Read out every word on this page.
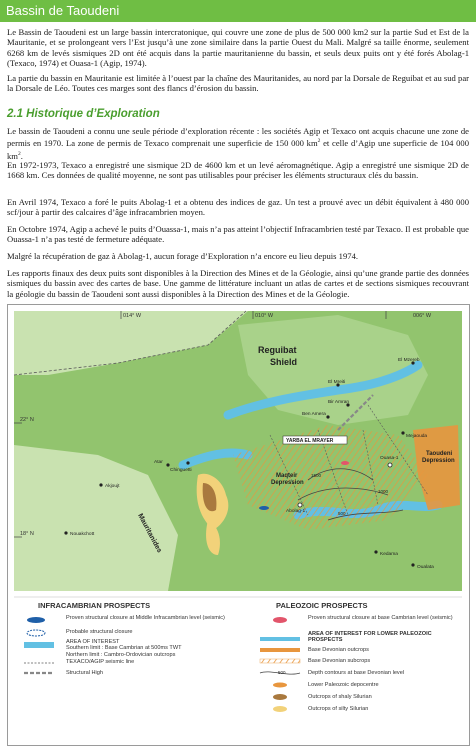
Bassin de Taoudeni
Le Bassin de Taoudeni est un large bassin intercratonique, qui couvre une zone de plus de 500 000 km2 sur la partie Sud et Est de la Mauritanie, et se prolongeant vers l’Est jusqu’à une zone similaire dans la partie Ouest du Mali. Malgré sa taille énorme, seulement 6268 km de levés sismiques 2D ont été acquis dans la partie mauritanienne du bassin, et seuls deux puits ont y été forés Abolag-1 (Texaco, 1974) et Ouasa-1 (Agip, 1974).
La partie du bassin en Mauritanie est limitée à l’ouest par la chaîne des Mauritanides, au nord par la Dorsale de Reguibat et au sud par la Dorsale de Léo. Toutes ces marges sont des flancs d’érosion du bassin.
2.1 Historique d’Exploration
Le bassin de Taoudeni a connu une seule période d’exploration récente : les sociétés Agip et Texaco ont acquis chacune une zone de permis en 1970. La zone de permis de Texaco comprenait une superficie de 150 000 $km^2$ et celle d’Agip une superficie de 104 000 $km^2$.
En 1972-1973, Texaco a enregistré une sismique 2D de 4600 km et un levé aéromagnétique. Agip a enregistré une sismique 2D de 1668 km. Ces données de qualité moyenne, ne sont pas utilisables pour préciser les éléments structuraux clés du bassin.
En Avril 1974, Texaco a foré le puits Abolag-1 et a obtenu des indices de gaz. Un test a prouvé avec un débit équivalent à 480 000 scf/jour à partir des calcaires d’âge infracambrien moyen.
En Octobre 1974, Agip a achevé le puits d’Ouassa-1, mais n’a pas atteint l’objectif Infracambrien testé par Texaco. Il est probable que Ouassa-1 n’a pas testé de fermeture adéquate.
Malgré la récupération de gaz à Abolag-1, aucun forage d’Exploration n’a encore eu lieu depuis 1974.
Les rapports finaux des deux puits sont disponibles à la Direction des Mines et de la Géologie, ainsi qu’une grande partie des données sismiques du bassin avec des cartes de base. Une gamme de littérature incluant un atlas de cartes et de sections sismiques recouvrant la géologie du bassin de Taoudeni sont aussi disponibles à la Direction des Mines et de la Géologie.
014° W	010° W	006° W
22° N
18° N
Reguibat
Shield
YARBA EL MRAYER
Maqteir
Depression
Taoudeni
Depression
Mauritanides
El Mzereb
El Mreiti
Bir Amran
Ben Amera
Mejaouda
Ouasa-1
Abolag-1
Atar
Chinguetti
Akjoujt
Nouakchott
Kedama
Oualata
1500
1000
500
INFRACAMBRIAN PROSPECTS	PALEOZOIC PROSPECTS
Proven structural closure at Middle Infracambrian level (seismic)
Probable structural closure
AREA OF INTEREST
Southern limit : Base Cambrian at 500ms TWT
Northern limit : Cambro-Ordovician outcrops
TEXACO/AGIP seismic line
Structural High	500
Proven structural closure at base Cambrian level (seismic)
AREA OF INTEREST FOR LOWER PALEOZOIC PROSPECTS
Base Devonian outcrops
Base Devonian subcrops
Depth contours at base Devonian level
Lower Paleozoic depocentre
Outcrops of shaly Silurian
Outcrops of silty Silurian
